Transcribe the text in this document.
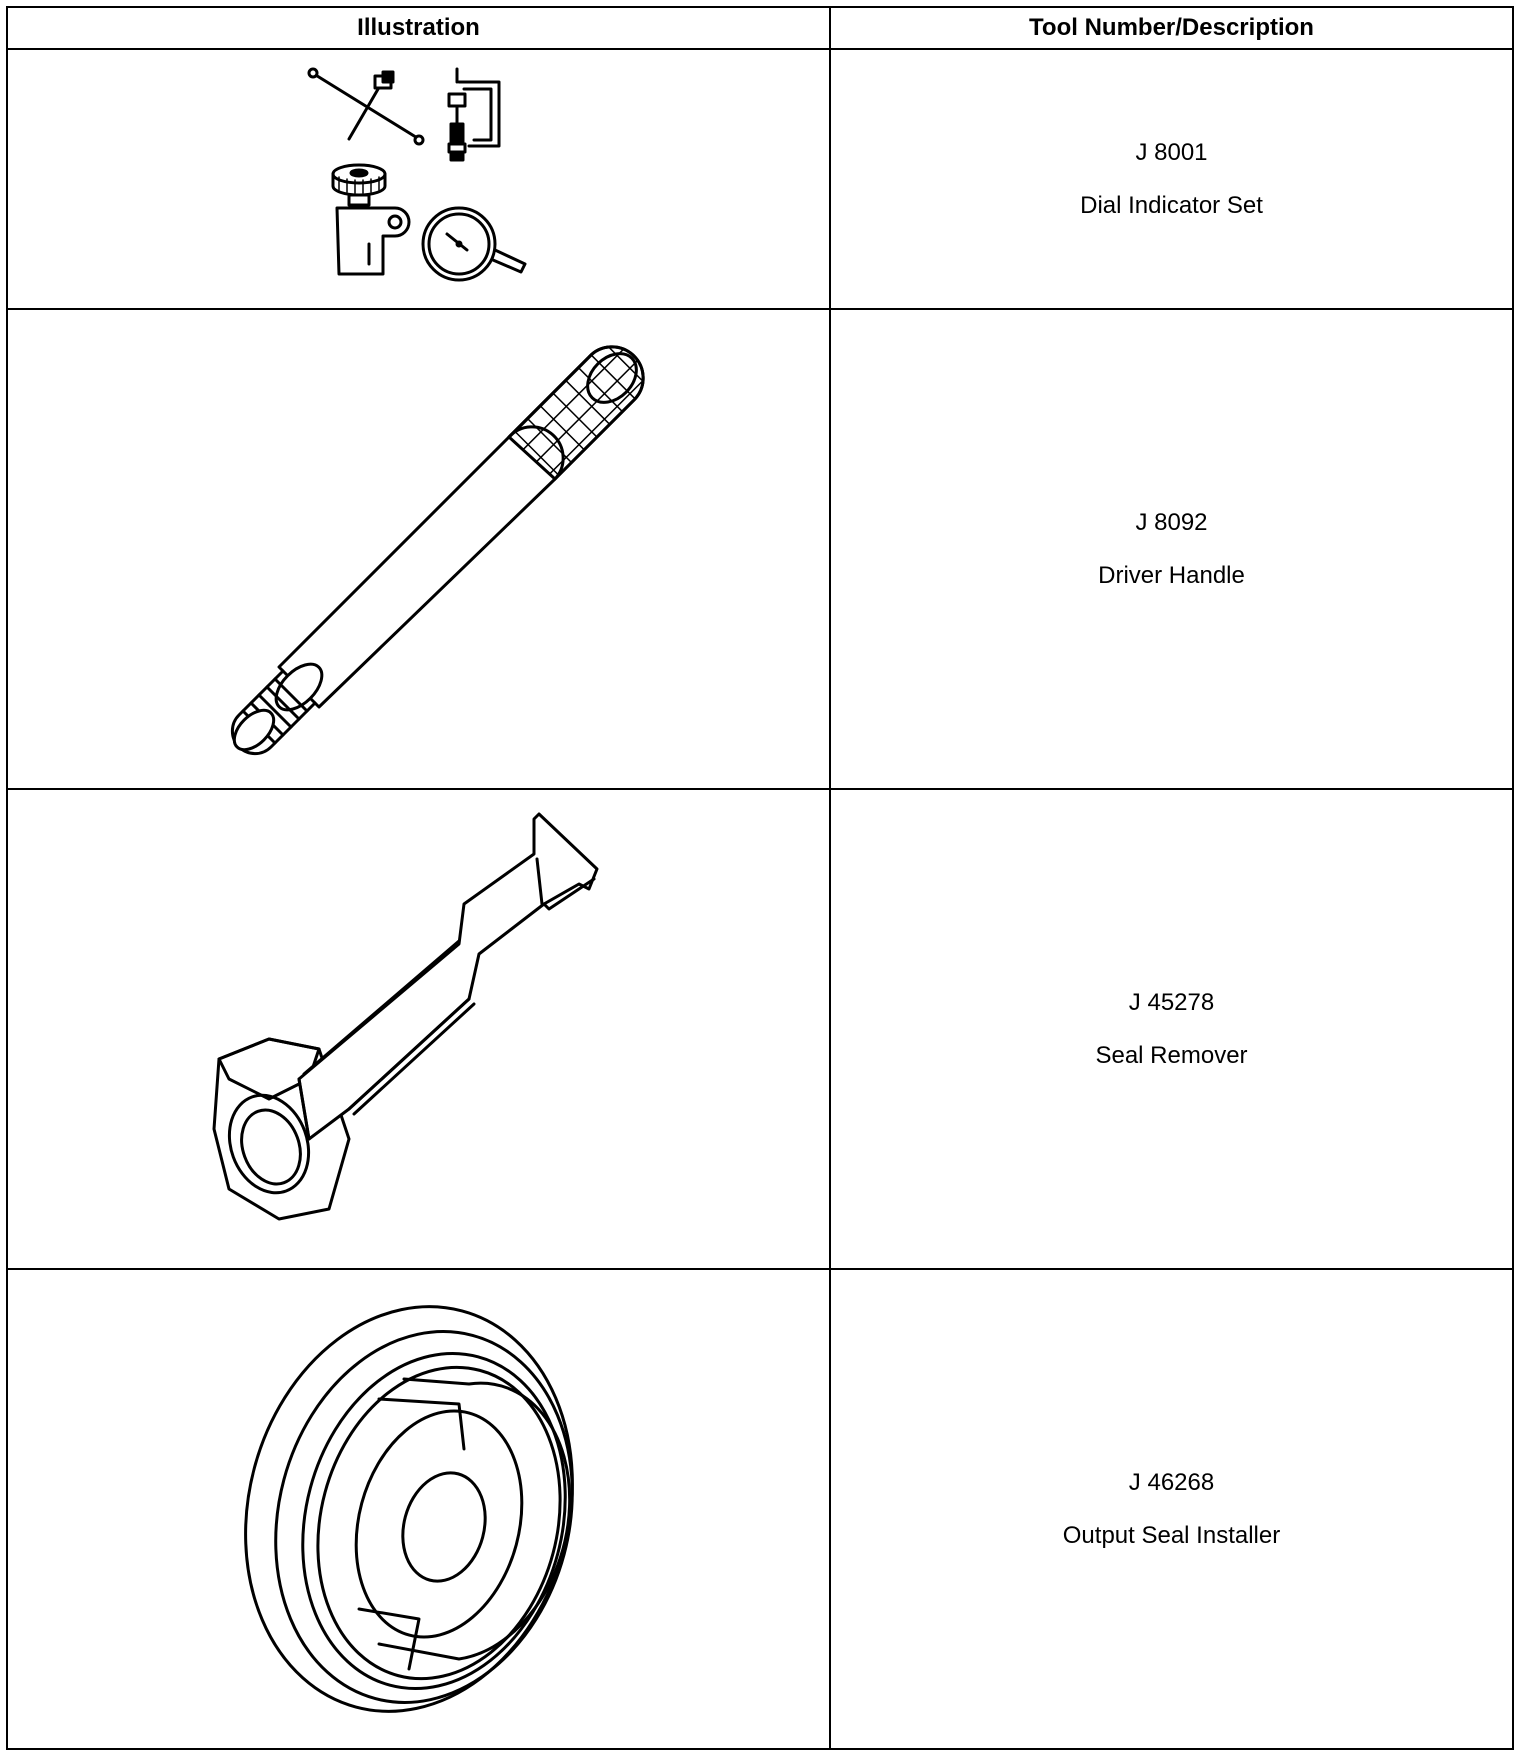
Illustration	Tool Number/Description

J 8001
Dial Indicator Set

J 8092
Driver Handle

J 45278
Seal Remover

J 46268
Output Seal Installer
